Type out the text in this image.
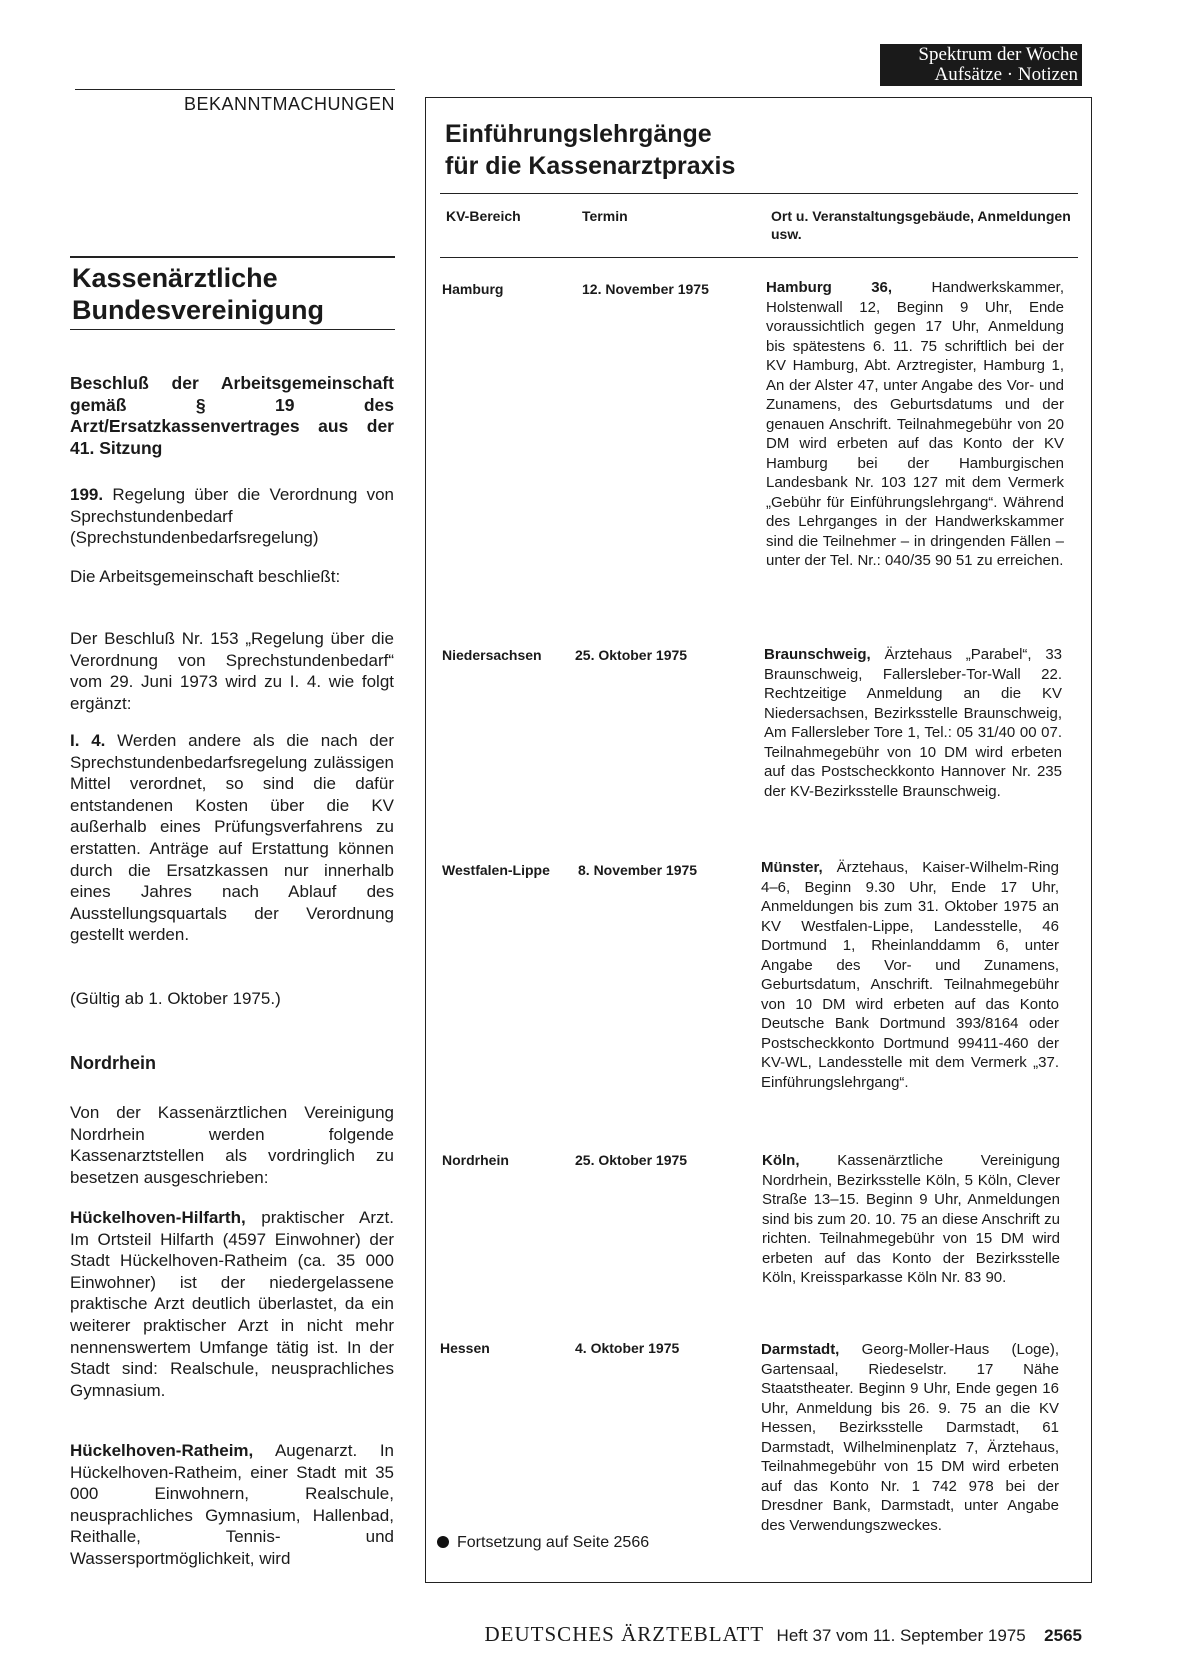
Spektrum der Woche
Aufsätze · Notizen
BEKANNTMACHUNGEN
Kassenärztliche
Bundesvereinigung
Beschluß der Arbeitsgemeinschaft gemäß § 19 des Arzt/Ersatzkassenvertrages aus der 41. Sitzung
199. Regelung über die Verordnung von Sprechstundenbedarf (Sprechstundenbedarfsregelung)
Die Arbeitsgemeinschaft beschließt:
Der Beschluß Nr. 153 „Regelung über die Verordnung von Sprechstundenbedarf“ vom 29. Juni 1973 wird zu I. 4. wie folgt ergänzt:
I. 4. Werden andere als die nach der Sprechstundenbedarfsregelung zulässigen Mittel verordnet, so sind die dafür entstandenen Kosten über die KV außerhalb eines Prüfungsverfahrens zu erstatten. Anträge auf Erstattung können durch die Ersatzkassen nur innerhalb eines Jahres nach Ablauf des Ausstellungsquartals der Verordnung gestellt werden.
(Gültig ab 1. Oktober 1975.)
Nordrhein
Von der Kassenärztlichen Vereinigung Nordrhein werden folgende Kassenarztstellen als vordringlich zu besetzen ausgeschrieben:
Hückelhoven-Hilfarth, praktischer Arzt. Im Ortsteil Hilfarth (4597 Einwohner) der Stadt Hückelhoven-Ratheim (ca. 35 000 Einwohner) ist der niedergelassene praktische Arzt deutlich überlastet, da ein weiterer praktischer Arzt in nicht mehr nennenswertem Umfange tätig ist. In der Stadt sind: Realschule, neusprachliches Gymnasium.
Hückelhoven-Ratheim, Augenarzt. In Hückelhoven-Ratheim, einer Stadt mit 35 000 Einwohnern, Realschule, neusprachliches Gymnasium, Hallenbad, Reithalle, Tennis- und Wassersportmöglichkeit, wird
Einführungslehrgänge
für die Kassenarztpraxis
KV-Bereich	Termin	Ort u. Veranstaltungsgebäude, Anmeldungen usw.
Hamburg	12. November 1975	Hamburg 36,	Handwerkskammer, Holstenwall 12, Beginn 9 Uhr, Ende voraussichtlich gegen 17 Uhr, Anmeldung bis spätestens 6. 11. 75 schriftlich bei der KV Hamburg, Abt. Arztregister, Hamburg 1, An der Alster 47, unter Angabe des Vor- und Zunamens, des Geburtsdatums und der genauen Anschrift. Teilnahmegebühr von 20 DM wird erbeten auf das Konto der KV Hamburg bei der Hamburgischen Landesbank Nr. 103 127 mit dem Vermerk „Gebühr für Einführungslehrgang“. Während des Lehrganges in der Handwerkskammer sind die Teilnehmer – in dringenden Fällen – unter der Tel. Nr.: 040/35 90 51 zu erreichen.
Niedersachsen 25. Oktober 1975	Braunschweig, Ärztehaus „Parabel“, 33 Braunschweig, Fallersleber-Tor-Wall 22. Rechtzeitige Anmeldung an die KV Niedersachsen, Bezirksstelle Braunschweig, Am Fallersleber Tore 1, Tel.: 05 31/40 00 07. Teilnahmegebühr von 10 DM wird erbeten auf das Postscheckkonto Hannover Nr. 235 der KV-Bezirksstelle Braunschweig.
Westfalen-Lippe 8. November 1975	Münster, Ärztehaus, Kaiser-Wilhelm-Ring 4–6, Beginn 9.30 Uhr, Ende 17 Uhr, Anmeldungen bis zum 31. Oktober 1975 an KV Westfalen-Lippe, Landesstelle, 46 Dortmund 1, Rheinlanddamm 6, unter Angabe des Vor- und Zunamens, Geburtsdatum, Anschrift. Teilnahmegebühr von 10 DM wird erbeten auf das Konto Deutsche Bank Dortmund 393/8164 oder Postscheckkonto Dortmund 99411-460 der KV-WL, Landesstelle mit dem Vermerk „37. Einführungslehrgang“.
Nordrhein	25. Oktober 1975	Köln,	Kassenärztliche Vereinigung Nordrhein, Bezirksstelle Köln, 5 Köln, Clever Straße 13–15. Beginn 9 Uhr, Anmeldungen sind bis zum 20. 10. 75 an diese Anschrift zu richten. Teilnahmegebühr von 15 DM wird erbeten auf das Konto der Bezirksstelle Köln, Kreissparkasse Köln Nr. 83 90.
Hessen	4. Oktober 1975	Darmstadt, Georg-Moller-Haus (Loge), Gartensaal, Riedeselstr. 17 Nähe Staatstheater. Beginn 9 Uhr, Ende gegen 16 Uhr, Anmeldung bis 26. 9. 75 an die KV Hessen, Bezirksstelle Darmstadt, 61 Darmstadt, Wilhelminenplatz 7, Ärztehaus, Teilnahmegebühr von 15 DM wird erbeten auf das Konto Nr. 1 742 978 bei der Dresdner Bank, Darmstadt, unter Angabe des Verwendungszweckes.
Fortsetzung auf Seite 2566
DEUTSCHES ÄRZTEBLATT Heft 37 vom 11. September 1975 2565
